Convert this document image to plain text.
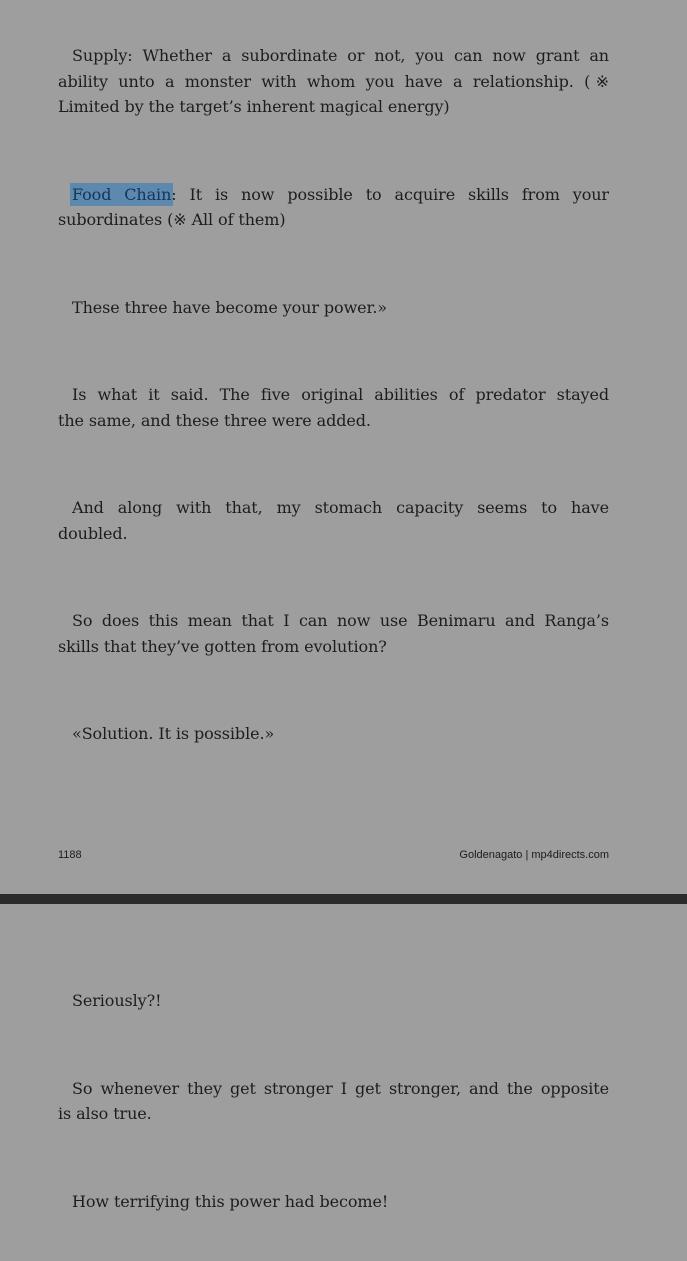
Supply: Whether a subordinate or not, you can now grant an
ability unto a monster with whom you have a relationship. (※
Limited by the target’s inherent magical energy)
Food Chain: It is now possible to acquire skills from your
subordinates (※ All of them)
These three have become your power.»
Is what it said. The five original abilities of predator stayed
the same, and these three were added.
And along with that, my stomach capacity seems to have
doubled.
So does this mean that I can now use Benimaru and Ranga’s
skills that they’ve gotten from evolution?
«Solution. It is possible.»
1188	Goldenagato | mp4directs.com
Seriously?!
So whenever they get stronger I get stronger, and the opposite
is also true.
How terrifying this power had become!
